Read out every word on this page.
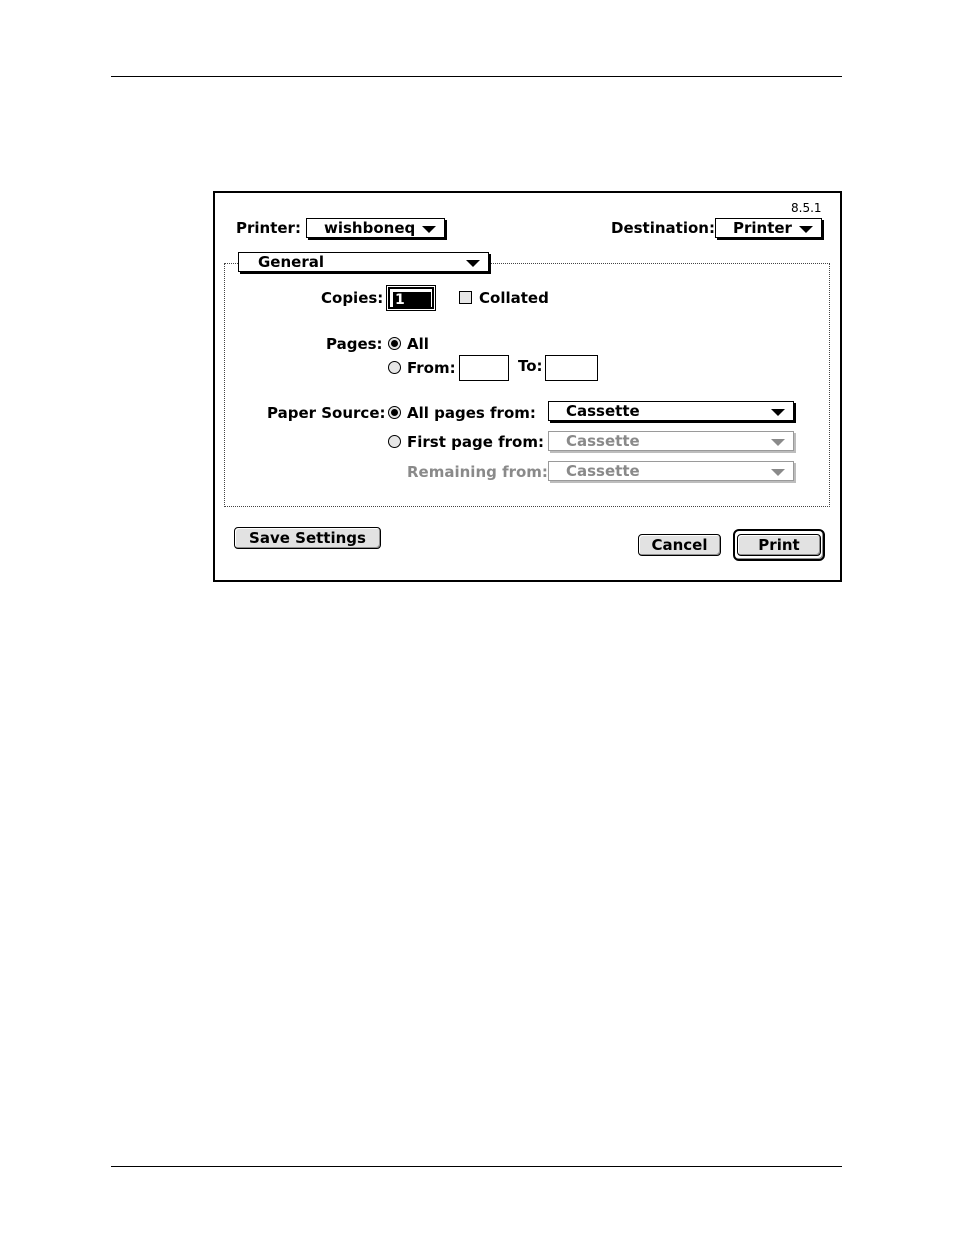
8.5.1
Printer: wishboneq	Destination: Printer
General
Copies: 1	Collated
Pages: All
From:	To:
Paper Source: All pages from: Cassette
First page from: Cassette
Remaining from: Cassette
Save Settings	Cancel	Print
